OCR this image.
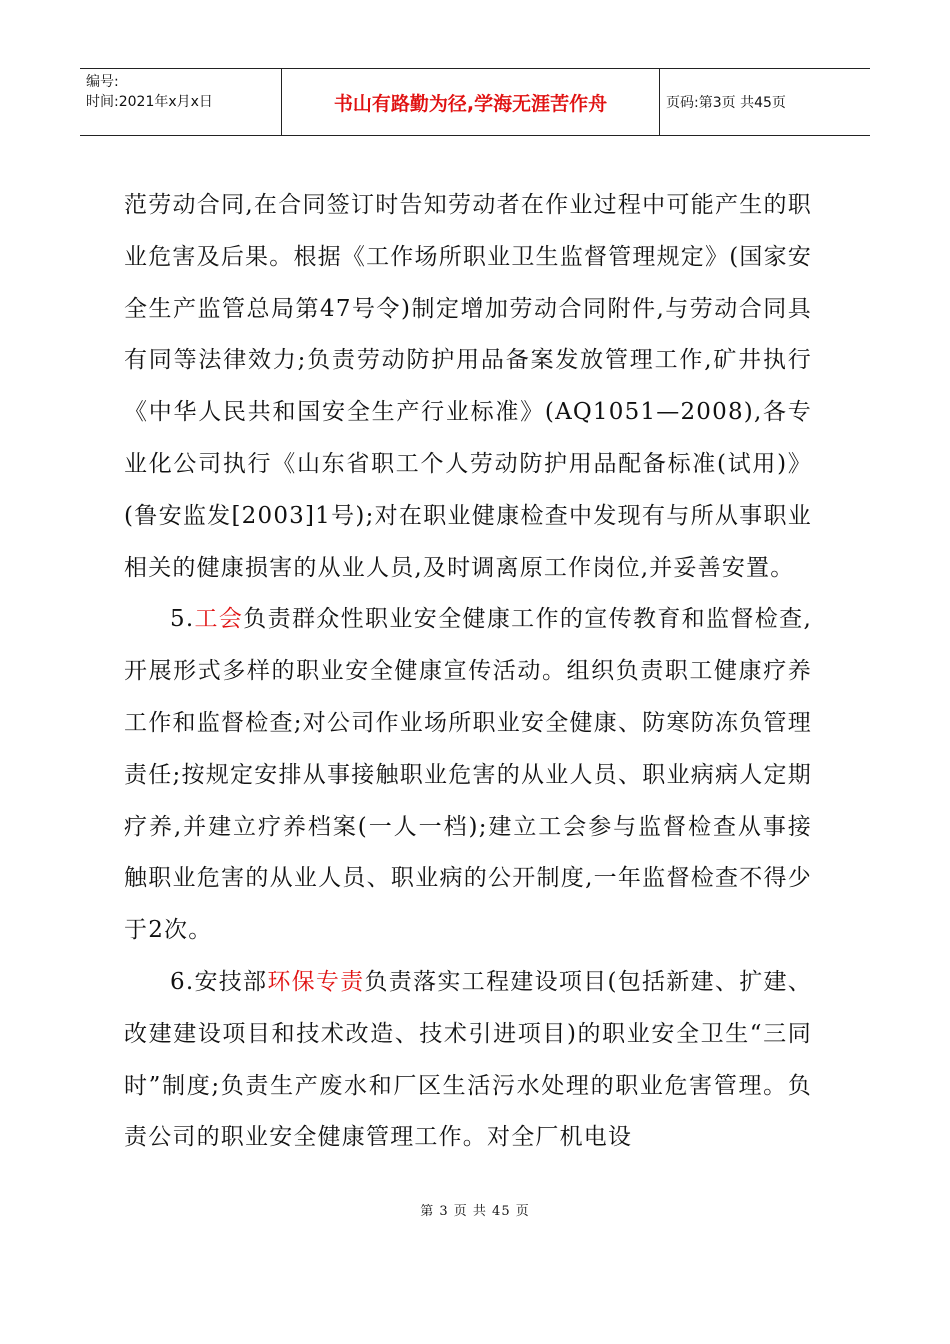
编号:
时间:2021年x月x日	书山有路勤为径,学海无涯苦作舟	页码:第3页 共45页

范劳动合同,在合同签订时告知劳动者在作业过程中可能产生的职业危害及后果。根据《工作场所职业卫生监督管理规定》(国家安全生产监管总局第47号令)制定增加劳动合同附件,与劳动合同具有同等法律效力;负责劳动防护用品备案发放管理工作,矿井执行《中华人民共和国安全生产行业标准》(AQ1051—2008),各专业化公司执行《山东省职工个人劳动防护用品配备标准(试用)》(鲁安监发[2003]1号);对在职业健康检查中发现有与所从事职业相关的健康损害的从业人员,及时调离原工作岗位,并妥善安置。

5.工会负责群众性职业安全健康工作的宣传教育和监督检查,开展形式多样的职业安全健康宣传活动。组织负责职工健康疗养工作和监督检查;对公司作业场所职业安全健康、防寒防冻负管理责任;按规定安排从事接触职业危害的从业人员、职业病病人定期疗养,并建立疗养档案(一人一档);建立工会参与监督检查从事接触职业危害的从业人员、职业病的公开制度,一年监督检查不得少于2次。

6.安技部环保专责负责落实工程建设项目(包括新建、扩建、改建建设项目和技术改造、技术引进项目)的职业安全卫生“三同时”制度;负责生产废水和厂区生活污水处理的职业危害管理。负责公司的职业安全健康管理工作。对全厂机电设

第 3 页 共 45 页
